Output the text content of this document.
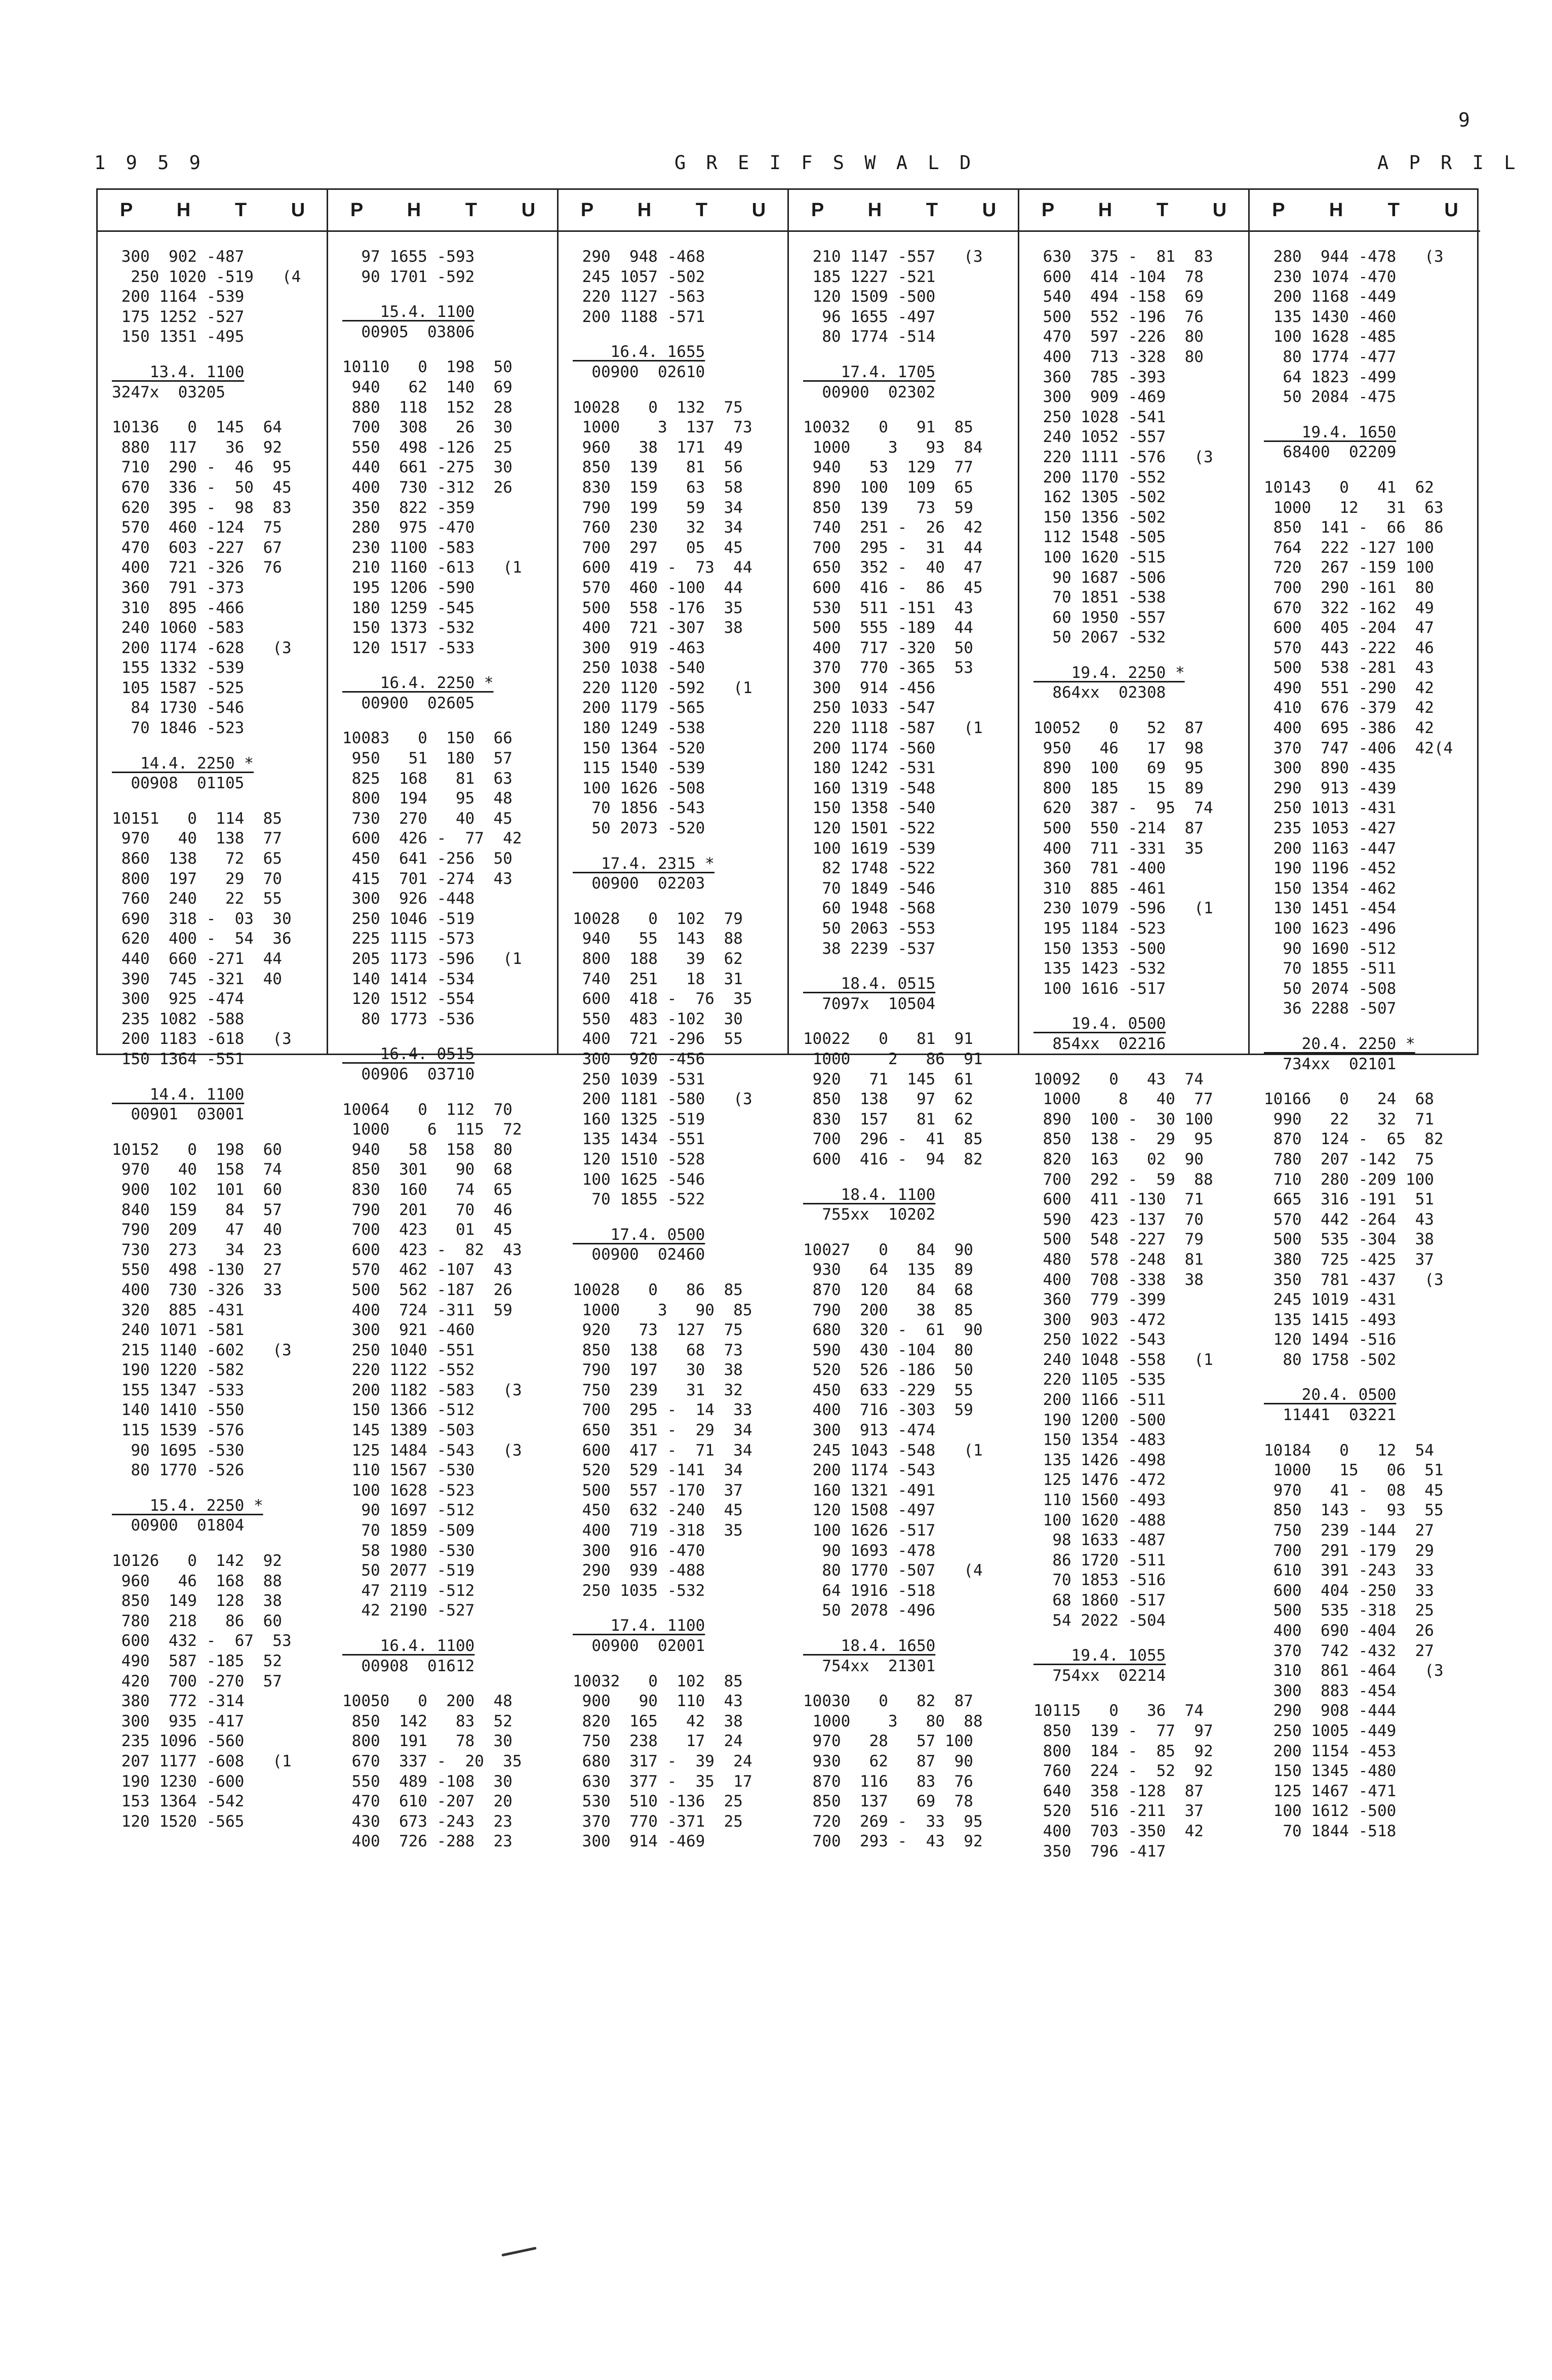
9
1 9 5 9	G R E I F S W A L D	A P R I L
P	H	T	U
300  902 -487
250 1020 -519   (4
200 1164 -539
175 1252 -527
150 1351 -495
13.4. 1100
3247x  03205
10136   0  145  64
880  117   36  92
710  290 -  46  95
670  336 -  50  45
620  395 -  98  83
570  460 -124  75
470  603 -227  67
400  721 -326  76
360  791 -373
310  895 -466
240 1060 -583
200 1174 -628   (3
155 1332 -539
105 1587 -525
84 1730 -546
70 1846 -523
14.4. 2250 *
00908  01105
10151   0  114  85
970   40  138  77
860  138   72  65
800  197   29  70
760  240   22  55
690  318 -  03  30
620  400 -  54  36
440  660 -271  44
390  745 -321  40
300  925 -474
235 1082 -588
200 1183 -618   (3
150 1364 -551
14.4. 1100
00901  03001
10152   0  198  60
970   40  158  74
900  102  101  60
840  159   84  57
790  209   47  40
730  273   34  23
550  498 -130  27
400  730 -326  33
320  885 -431
240 1071 -581
215 1140 -602   (3
190 1220 -582
155 1347 -533
140 1410 -550
115 1539 -576
90 1695 -530
80 1770 -526
15.4. 2250 *
00900  01804
10126   0  142  92
960   46  168  88
850  149  128  38
780  218   86  60
600  432 -  67  53
490  587 -185  52
420  700 -270  57
380  772 -314
300  935 -417
235 1096 -560
207 1177 -608   (1
190 1230 -600
153 1364 -542
120 1520 -565
P	H	T	U
97 1655 -593
90 1701 -592
15.4. 1100
00905  03806
10110   0  198  50
940   62  140  69
880  118  152  28
700  308   26  30
550  498 -126  25
440  661 -275  30
400  730 -312  26
350  822 -359
280  975 -470
230 1100 -583
210 1160 -613   (1
195 1206 -590
180 1259 -545
150 1373 -532
120 1517 -533
16.4. 2250 *
00900  02605
10083   0  150  66
950   51  180  57
825  168   81  63
800  194   95  48
730  270   40  45
600  426 -  77  42
450  641 -256  50
415  701 -274  43
300  926 -448
250 1046 -519
225 1115 -573
205 1173 -596   (1
140 1414 -534
120 1512 -554
80 1773 -536
16.4. 0515
00906  03710
10064   0  112  70
1000    6  115  72
940   58  158  80
850  301   90  68
830  160   74  65
790  201   70  46
700  423   01  45
600  423 -  82  43
570  462 -107  43
500  562 -187  26
400  724 -311  59
300  921 -460
250 1040 -551
220 1122 -552
200 1182 -583   (3
150 1366 -512
145 1389 -503
125 1484 -543   (3
110 1567 -530
100 1628 -523
90 1697 -512
70 1859 -509
58 1980 -530
50 2077 -519
47 2119 -512
42 2190 -527
16.4. 1100
00908  01612
10050   0  200  48
850  142   83  52
800  191   78  30
670  337 -  20  35
550  489 -108  30
470  610 -207  20
430  673 -243  23
400  726 -288  23
P	H	T	U
290  948 -468
245 1057 -502
220 1127 -563
200 1188 -571
16.4. 1655
00900  02610
10028   0  132  75
1000    3  137  73
960   38  171  49
850  139   81  56
830  159   63  58
790  199   59  34
760  230   32  34
700  297   05  45
600  419 -  73  44
570  460 -100  44
500  558 -176  35
400  721 -307  38
300  919 -463
250 1038 -540
220 1120 -592   (1
200 1179 -565
180 1249 -538
150 1364 -520
115 1540 -539
100 1626 -508
70 1856 -543
50 2073 -520
17.4. 2315 *
00900  02203
10028   0  102  79
940   55  143  88
800  188   39  62
740  251   18  31
600  418 -  76  35
550  483 -102  30
400  721 -296  55
300  920 -456
250 1039 -531
200 1181 -580   (3
160 1325 -519
135 1434 -551
120 1510 -528
100 1625 -546
70 1855 -522
17.4. 0500
00900  02460
10028   0   86  85
1000    3   90  85
920   73  127  75
850  138   68  73
790  197   30  38
750  239   31  32
700  295 -  14  33
650  351 -  29  34
600  417 -  71  34
520  529 -141  34
500  557 -170  37
450  632 -240  45
400  719 -318  35
300  916 -470
290  939 -488
250 1035 -532
17.4. 1100
00900  02001
10032   0  102  85
900   90  110  43
820  165   42  38
750  238   17  24
680  317 -  39  24
630  377 -  35  17
530  510 -136  25
370  770 -371  25
300  914 -469
P	H	T	U
210 1147 -557   (3
185 1227 -521
120 1509 -500
96 1655 -497
80 1774 -514
17.4. 1705
00900  02302
10032   0   91  85
1000    3   93  84
940   53  129  77
890  100  109  65
850  139   73  59
740  251 -  26  42
700  295 -  31  44
650  352 -  40  47
600  416 -  86  45
530  511 -151  43
500  555 -189  44
400  717 -320  50
370  770 -365  53
300  914 -456
250 1033 -547
220 1118 -587   (1
200 1174 -560
180 1242 -531
160 1319 -548
150 1358 -540
120 1501 -522
100 1619 -539
82 1748 -522
70 1849 -546
60 1948 -568
50 2063 -553
38 2239 -537
18.4. 0515
7097x  10504
10022   0   81  91
1000    2   86  91
920   71  145  61
850  138   97  62
830  157   81  62
700  296 -  41  85
600  416 -  94  82
18.4. 1100
755xx  10202
10027   0   84  90
930   64  135  89
870  120   84  68
790  200   38  85
680  320 -  61  90
590  430 -104  80
520  526 -186  50
450  633 -229  55
400  716 -303  59
300  913 -474
245 1043 -548   (1
200 1174 -543
160 1321 -491
120 1508 -497
100 1626 -517
90 1693 -478
80 1770 -507   (4
64 1916 -518
50 2078 -496
18.4. 1650
754xx  21301
10030   0   82  87
1000    3   80  88
970   28   57 100
930   62   87  90
870  116   83  76
850  137   69  78
720  269 -  33  95
700  293 -  43  92
P	H	T	U
630  375 -  81  83
600  414 -104  78
540  494 -158  69
500  552 -196  76
470  597 -226  80
400  713 -328  80
360  785 -393
300  909 -469
250 1028 -541
240 1052 -557
220 1111 -576   (3
200 1170 -552
162 1305 -502
150 1356 -502
112 1548 -505
100 1620 -515
90 1687 -506
70 1851 -538
60 1950 -557
50 2067 -532
19.4. 2250 *
864xx  02308
10052   0   52  87
950   46   17  98
890  100   69  95
800  185   15  89
620  387 -  95  74
500  550 -214  87
400  711 -331  35
360  781 -400
310  885 -461
230 1079 -596   (1
195 1184 -523
150 1353 -500
135 1423 -532
100 1616 -517
19.4. 0500
854xx  02216
10092   0   43  74
1000    8   40  77
890  100 -  30 100
850  138 -  29  95
820  163   02  90
700  292 -  59  88
600  411 -130  71
590  423 -137  70
500  548 -227  79
480  578 -248  81
400  708 -338  38
360  779 -399
300  903 -472
250 1022 -543
240 1048 -558   (1
220 1105 -535
200 1166 -511
190 1200 -500
150 1354 -483
135 1426 -498
125 1476 -472
110 1560 -493
100 1620 -488
98 1633 -487
86 1720 -511
70 1853 -516
68 1860 -517
54 2022 -504
19.4. 1055
754xx  02214
10115   0   36  74
850  139 -  77  97
800  184 -  85  92
760  224 -  52  92
640  358 -128  87
520  516 -211  37
400  703 -350  42
350  796 -417
P	H	T	U
280  944 -478   (3
230 1074 -470
200 1168 -449
135 1430 -460
100 1628 -485
80 1774 -477
64 1823 -499
50 2084 -475
19.4. 1650
68400  02209
10143   0   41  62
1000   12   31  63
850  141 -  66  86
764  222 -127 100
720  267 -159 100
700  290 -161  80
670  322 -162  49
600  405 -204  47
570  443 -222  46
500  538 -281  43
490  551 -290  42
410  676 -379  42
400  695 -386  42
370  747 -406  42(4
300  890 -435
290  913 -439
250 1013 -431
235 1053 -427
200 1163 -447
190 1196 -452
150 1354 -462
130 1451 -454
100 1623 -496
90 1690 -512
70 1855 -511
50 2074 -508
36 2288 -507
20.4. 2250 *
734xx  02101
10166   0   24  68
990   22   32  71
870  124 -  65  82
780  207 -142  75
710  280 -209 100
665  316 -191  51
570  442 -264  43
500  535 -304  38
380  725 -425  37
350  781 -437   (3
245 1019 -431
135 1415 -493
120 1494 -516
80 1758 -502
20.4. 0500
11441  03221
10184   0   12  54
1000   15   06  51
970   41 -  08  45
850  143 -  93  55
750  239 -144  27
700  291 -179  29
610  391 -243  33
600  404 -250  33
500  535 -318  25
400  690 -404  26
370  742 -432  27
310  861 -464   (3
300  883 -454
290  908 -444
250 1005 -449
200 1154 -453
150 1345 -480
125 1467 -471
100 1612 -500
70 1844 -518
